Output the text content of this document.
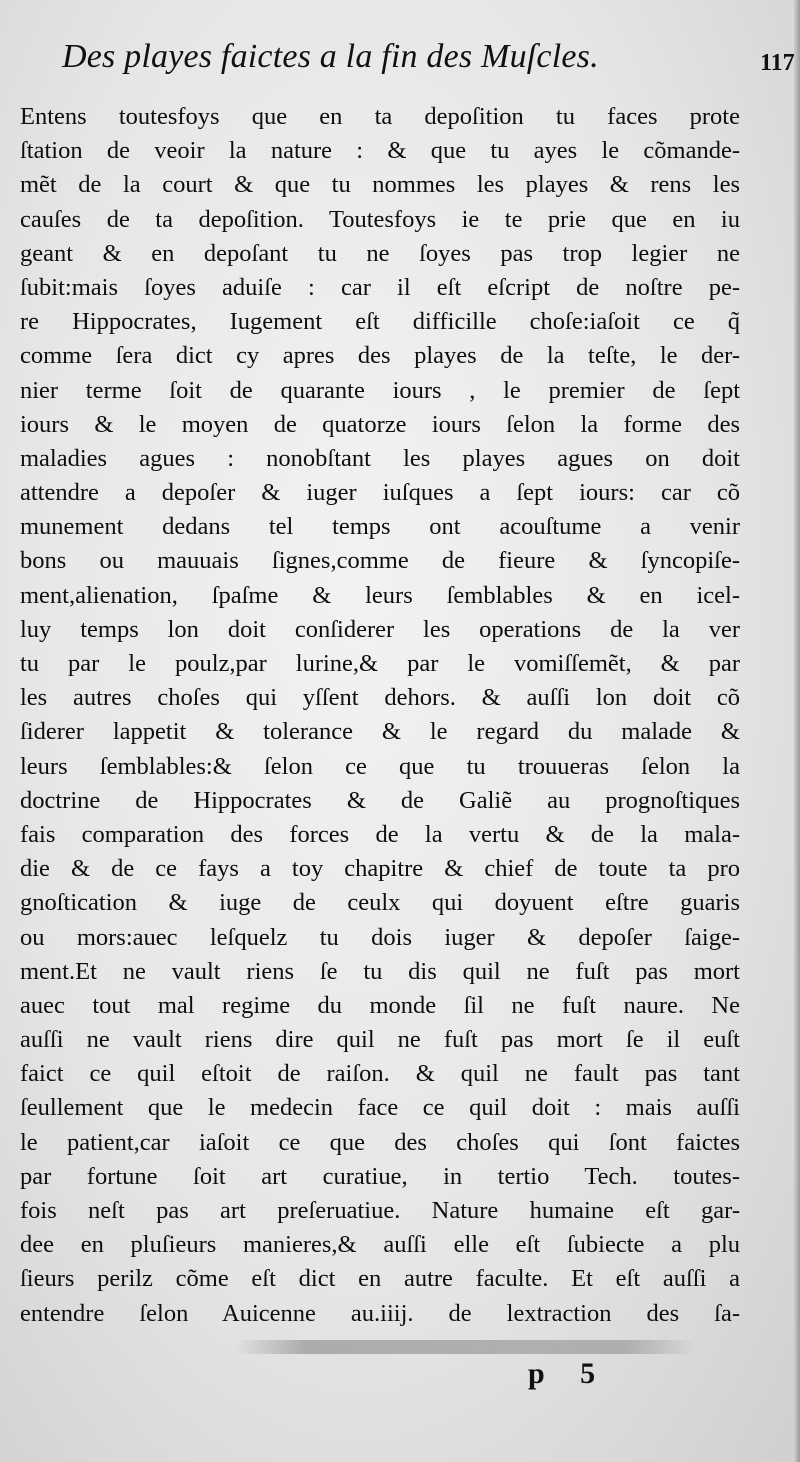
Des playes faictes a la fin des Muſcles.	117
Entens toutesfoys que en ta depoſition tu faces prote
ſtation de veoir la nature : & que tu ayes le cõmande-
mẽt de la court & que tu nommes les playes & rens les
cauſes de ta depoſition. Toutesfoys ie te prie que en iu
geant & en depoſant tu ne ſoyes pas trop legier ne
ſubit:mais ſoyes aduiſe : car il eſt eſcript de noſtre pe-
re Hippocrates, Iugement eſt difficille choſe:iaſoit ce q̃
comme ſera dict cy apres des playes de la teſte, le der-
nier terme ſoit de quarante iours , le premier de ſept
iours & le moyen de quatorze iours ſelon la forme des
maladies agues : nonobſtant les playes agues on doit
attendre a depoſer & iuger iuſques a ſept iours: car cõ
munement dedans tel temps ont acouſtume a venir
bons ou mauuais ſignes,comme de fieure & ſyncopiſe-
ment,alienation, ſpaſme & leurs ſemblables & en icel-
luy temps lon doit conſiderer les operations de la ver
tu par le poulz,par lurine,& par le vomiſſemẽt, & par
les autres choſes qui yſſent dehors. & auſſi lon doit cõ
ſiderer lappetit & tolerance & le regard du malade &
leurs ſemblables:& ſelon ce que tu trouueras ſelon la
doctrine de Hippocrates & de Galiẽ au prognoſtiques
fais comparation des forces de la vertu & de la mala-
die & de ce fays a toy chapitre & chief de toute ta pro
gnoſtication & iuge de ceulx qui doyuent eſtre guaris
ou mors:auec leſquelz tu dois iuger & depoſer ſaige-
ment.Et ne vault riens ſe tu dis quil ne fuſt pas mort
auec tout mal regime du monde ſil ne fuſt naure. Ne
auſſi ne vault riens dire quil ne fuſt pas mort ſe il euſt
faict ce quil eſtoit de raiſon. & quil ne fault pas tant
ſeullement que le medecin face ce quil doit : mais auſſi
le patient,car iaſoit ce que des choſes qui ſont faictes
par fortune ſoit art curatiue, in tertio Tech. toutes-
fois neſt pas art preſeruatiue. Nature humaine eſt gar-
dee en pluſieurs manieres,& auſſi elle eſt ſubiecte a plu
ſieurs perilz cõme eſt dict en autre faculte. Et eſt auſſi a
entendre ſelon Auicenne au.iiij. de lextraction des ſa-
p 5
